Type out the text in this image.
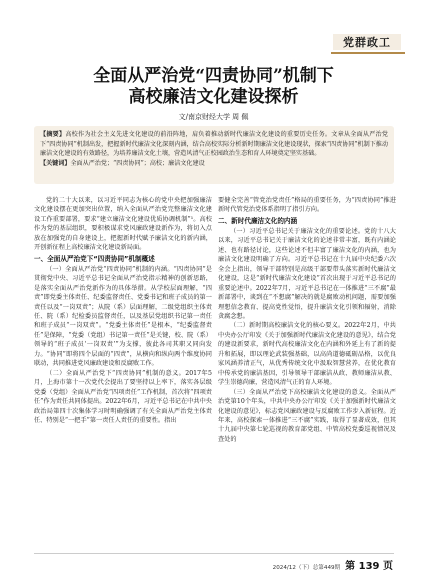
党群政工
全面从严治党“四责协同”机制下
高校廉洁文化建设探析
文/南京财经大学 周 佩
【摘要】高校作为社会主义先进文化建设的前沿阵地，肩负着推动新时代廉洁文化建设的重要历史任务。文章从全面从严治党下“四责协同”机制出发，把握新时代廉洁文化深刻内涵，结合高校实际分析新时期廉洁文化建设现状，探索“四责协同”机制下推动廉洁文化建设的有效路径，为培养廉洁文化土壤，营造风清气正校园政治生态和育人环境奠定坚实基础。
【关键词】全面从严治党；“四责协同”；高校；廉洁文化建设

党的二十大以来，以习近平同志为核心的党中央把加强廉洁文化建设摆在更加突出位置，纳入全面从严治党完整廉洁文化建设工作重要部署，要求“建立廉洁文化建设优质协调机制”¹。高校作为党的基层组织，要积极谋求党风廉政建设新作为，将切入点放在加强党的自身建设上，把握新时代赋予廉洁文化的新内涵，开创新征程上高校廉洁文化建设新局面。

一、全面从严治党下“四责协同”机制概述

（一）全面从严治党“四责协同”机制的内涵。“四责协同”是贯彻党中央、习近平总书记全面从严治党指示精神的创新思路，是落实全面从严治党新作为的具体举措。从学校层面理解，“四责”即党委主体责任、纪委监督责任、党委书记和班子成员的第一责任以及“一岗双责”；从院（系）层面理解，二级党组织主体责任、院（系）纪检委员监督责任，以及基层党组织书记第一责任和班子成员“一岗双责”。“党委主体责任”是根本，“纪委监督责任”是保障，“党委（党组）书记第一责任”是关键，校、院（系）领导的“班子成员‘一岗双责’”为支撑，彼此各司其职又同向发力。“协同”即将四个层面的“四责”，从横向和纵向两个维度协同联动，共同推进党风廉政建设和反腐败工作。

（二）全面从严治党下“四责协同”机制的意义。2017年5月，上海市第十一次党代会提出了要坚持以上率下，落实各层级党委（党组）全面从严治党“四项责任”工作机制，首次将“四项责任”作为责任共同体提出。2022年6月，习近平总书记在中共中央政治局第四十次集体学习时明确强调了有关全面从严治党主体责任、特别是“一把手”第一责任人责任的重要性。指出

要健全完善“管党治党责任”格局的重要任务，为“四责协同”推进新时代管党治党体系指明了指引方向。

二、新时代廉洁文化的内涵

（一）习近平总书记关于廉洁文化的重要论述。党的十八大以来，习近平总书记关于廉洁文化的论述非常丰富，既有内涵论述、也有路径讨论，这些论述不但丰富了廉洁文化的内涵，也为廉洁文化建设明确了方向。习近平总书记在十九届中央纪委六次全会上指出，领导干部特别是高级干部要带头落实新时代廉洁文化建设，这是“新时代廉洁文化建设”首次出现于习近平总书记的重要论述中。2022年7月，习近平总书记在一体推进“三不腐”最新部署中，谈到在“不想腐”解决的就是腐败动机问题，需要加强理想信念教育、提高党性觉悟，提升廉洁文化引领和辐射，消除贪腐念想。

（二）新时期高校廉洁文化的核心要义。2022年2月，中共中央办公厅印发《关于加强新时代廉洁文化建设的意见》，结合党的建设新要求，新时代高校廉洁文化在内涵和外延上有了新的提升和拓展，即以理论武装强基础，以高尚道德砥砺品格，以优良家风涵养清正气，从优秀传统文化中汲取智慧营养，在优化教育中传承党的廉洁基因，引导领导干部廉洁从政、教师廉洁从教、学生崇德尚廉，营造风清气正的育人环境。

（三）全面从严治党下高校廉洁文化建设的意义。全面从严治党第10个年头，中共中央办公厅印发《关于加强新时代廉洁文化建设的意见》，标志党风廉政建设与反腐败工作步入新征程。近年来，高校探索一体推进“三不腐”实践，取得了显著成效，但其十九届中央第七轮巡视的教育部党组、中管高校党委巡视情况及查处的

2024/12（下）总第449期 第 139 页
